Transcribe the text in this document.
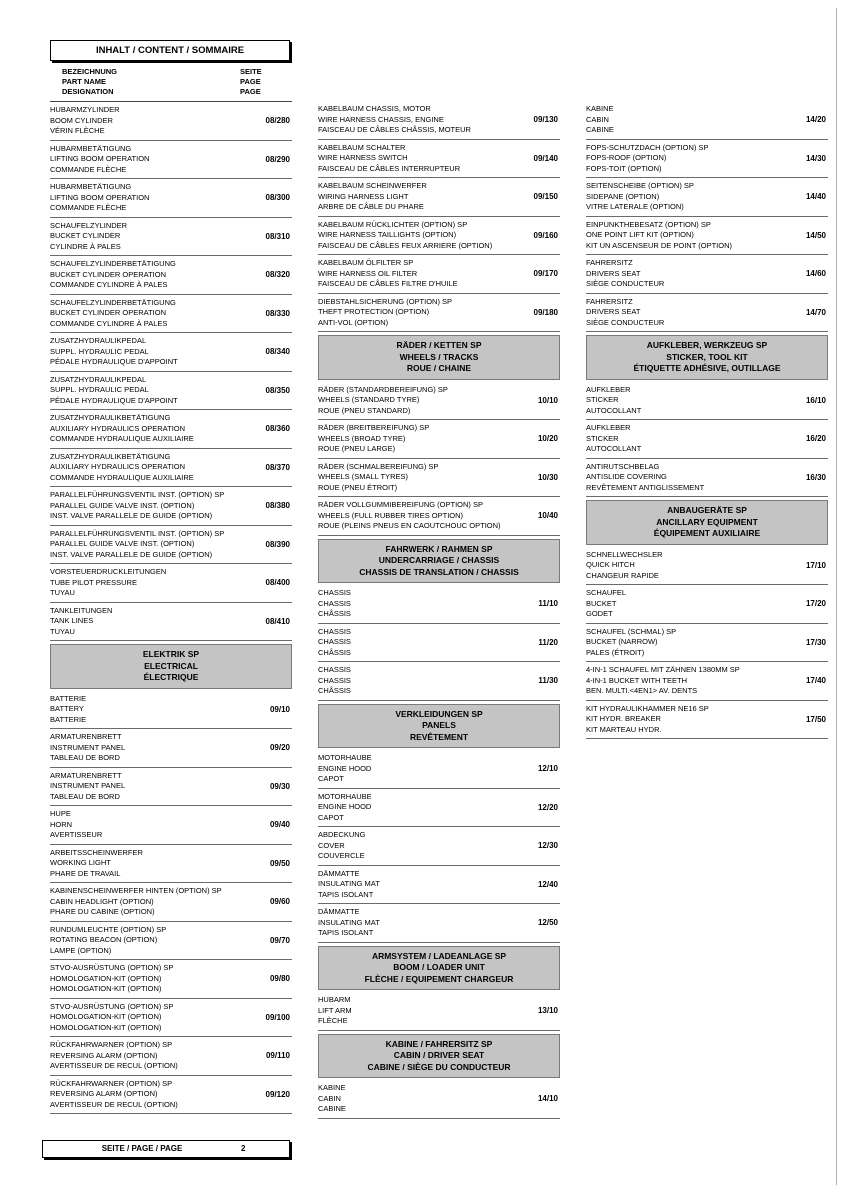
INHALT / CONTENT / SOMMAIRE
BEZEICHNUNG
PART NAME
DESIGNATION
SEITE
PAGE
PAGE
HUBARMZYLINDER
BOOM CYLINDER
VÉRIN FLÈCHE
08/280
HUBARMBETÄTIGUNG
LIFTING BOOM OPERATION
COMMANDE FLÈCHE
08/290
HUBARMBETÄTIGUNG
LIFTING BOOM OPERATION
COMMANDE FLÈCHE
08/300
SCHAUFELZYLINDER
BUCKET CYLINDER
CYLINDRE À PALES
08/310
SCHAUFELZYLINDERBETÄTIGUNG
BUCKET CYLINDER OPERATION
COMMANDE CYLINDRE À PALES
08/320
SCHAUFELZYLINDERBETÄTIGUNG
BUCKET CYLINDER OPERATION
COMMANDE CYLINDRE À PALES
08/330
ZUSATZHYDRAULIKPEDAL
SUPPL. HYDRAULIC PEDAL
PÉDALE HYDRAULIQUE D'APPOINT
08/340
ZUSATZHYDRAULIKPEDAL
SUPPL. HYDRAULIC PEDAL
PÉDALE HYDRAULIQUE D'APPOINT
08/350
ZUSATZHYDRAULIKBETÄTIGUNG
AUXILIARY HYDRAULICS OPERATION
COMMANDE HYDRAULIQUE AUXILIAIRE
08/360
ZUSATZHYDRAULIKBETÄTIGUNG
AUXILIARY HYDRAULICS OPERATION
COMMANDE HYDRAULIQUE AUXILIAIRE
08/370
PARALLELFÜHRUNGSVENTIL INST. (OPTION) SP
PARALLEL GUIDE VALVE INST. (OPTION)
INST. VALVE PARALLELE DE GUIDE (OPTION)
08/380
PARALLELFÜHRUNGSVENTIL INST. (OPTION) SP
PARALLEL GUIDE VALVE INST. (OPTION)
INST. VALVE PARALLELE DE GUIDE (OPTION)
08/390
VORSTEUERDRUCKLEITUNGEN
TUBE PILOT PRESSURE
TUYAU
08/400
TANKLEITUNGEN
TANK LINES
TUYAU
08/410
ELEKTRIK SP
ELECTRICAL
ÉLECTRIQUE
BATTERIE
BATTERY
BATTERIE
09/10
ARMATURENBRETT
INSTRUMENT PANEL
TABLEAU DE BORD
09/20
ARMATURENBRETT
INSTRUMENT PANEL
TABLEAU DE BORD
09/30
HUPE
HORN
AVERTISSEUR
09/40
ARBEITSSCHEINWERFER
WORKING LIGHT
PHARE DE TRAVAIL
09/50
KABINENSCHEINWERFER HINTEN (OPTION) SP
CABIN HEADLIGHT (OPTION)
PHARE DU CABINE (OPTION)
09/60
RUNDUMLEUCHTE (OPTION) SP
ROTATING BEACON (OPTION)
LAMPE (OPTION)
09/70
STVO-AUSRÜSTUNG (OPTION) SP
HOMOLOGATION-KIT (OPTION)
HOMOLOGATION-KIT (OPTION)
09/80
STVO-AUSRÜSTUNG (OPTION) SP
HOMOLOGATION-KIT (OPTION)
HOMOLOGATION-KIT (OPTION)
09/100
RÜCKFAHRWARNER (OPTION) SP
REVERSING ALARM (OPTION)
AVERTISSEUR DE RECUL (OPTION)
09/110
RÜCKFAHRWARNER (OPTION) SP
REVERSING ALARM (OPTION)
AVERTISSEUR DE RECUL (OPTION)
09/120
KABELBAUM CHASSIS, MOTOR
WIRE HARNESS CHASSIS, ENGINE
FAISCEAU DE CÂBLES CHÂSSIS, MOTEUR
09/130
KABELBAUM SCHALTER
WIRE HARNESS SWITCH
FAISCEAU DE CÂBLES INTERRUPTEUR
09/140
KABELBAUM SCHEINWERFER
WIRING HARNESS LIGHT
ARBRE DE CÂBLE DU PHARE
09/150
KABELBAUM RÜCKLICHTER (OPTION) SP
WIRE HARNESS TAILLIGHTS (OPTION)
FAISCEAU DE CÂBLES FEUX ARRIERE (OPTION)
09/160
KABELBAUM ÖLFILTER SP
WIRE HARNESS OIL FILTER
FAISCEAU DE CÂBLES FILTRE D'HUILE
09/170
DIEBSTAHLSICHERUNG (OPTION) SP
THEFT PROTECTION (OPTION)
ANTI-VOL (OPTION)
09/180
RÄDER / KETTEN SP
WHEELS / TRACKS
ROUE / CHAINE
RÄDER (STANDARDBEREIFUNG) SP
WHEELS (STANDARD TYRE)
ROUE (PNEU STANDARD)
10/10
RÄDER (BREITBEREIFUNG) SP
WHEELS (BROAD TYRE)
ROUE (PNEU LARGE)
10/20
RÄDER (SCHMALBEREIFUNG) SP
WHEELS (SMALL TYRES)
ROUE (PNEU ÉTROIT)
10/30
RÄDER VOLLGUMMIBEREIFUNG (OPTION) SP
WHEELS (FULL RUBBER TIRES OPTION)
ROUE (PLEINS PNEUS EN CAOUTCHOUC OPTION)
10/40
FAHRWERK / RAHMEN SP
UNDERCARRIAGE / CHASSIS
CHASSIS DE TRANSLATION / CHASSIS
CHASSIS
CHASSIS
CHÂSSIS
11/10
CHASSIS
CHASSIS
CHÂSSIS
11/20
CHASSIS
CHASSIS
CHÂSSIS
11/30
VERKLEIDUNGEN SP
PANELS
REVÊTEMENT
MOTORHAUBE
ENGINE HOOD
CAPOT
12/10
MOTORHAUBE
ENGINE HOOD
CAPOT
12/20
ABDECKUNG
COVER
COUVERCLE
12/30
DÄMMATTE
INSULATING MAT
TAPIS ISOLANT
12/40
DÄMMATTE
INSULATING MAT
TAPIS ISOLANT
12/50
ARMSYSTEM / LADEANLAGE SP
BOOM / LOADER UNIT
FLÈCHE / EQUIPEMENT CHARGEUR
HUBARM
LIFT ARM
FLÈCHE
13/10
KABINE / FAHRERSITZ SP
CABIN / DRIVER SEAT
CABINE / SIÈGE DU CONDUCTEUR
KABINE
CABIN
CABINE
14/10
KABINE
CABIN
CABINE
14/20
FOPS-SCHUTZDACH (OPTION) SP
FOPS-ROOF (OPTION)
FOPS-TOIT (OPTION)
14/30
SEITENSCHEIBE (OPTION) SP
SIDEPANE (OPTION)
VITRE LATERALE (OPTION)
14/40
EINPUNKTHEBESATZ (OPTION) SP
ONE POINT LIFT KIT (OPTION)
KIT UN ASCENSEUR DE POINT (OPTION)
14/50
FAHRERSITZ
DRIVERS SEAT
SIÈGE CONDUCTEUR
14/60
FAHRERSITZ
DRIVERS SEAT
SIÈGE CONDUCTEUR
14/70
AUFKLEBER, WERKZEUG SP
STICKER, TOOL KIT
ÉTIQUETTE ADHÉSIVE, OUTILLAGE
AUFKLEBER
STICKER
AUTOCOLLANT
16/10
AUFKLEBER
STICKER
AUTOCOLLANT
16/20
ANTIRUTSCHBELAG
ANTISLIDE COVERING
REVÊTEMENT ANTIGLISSEMENT
16/30
ANBAUGERÄTE SP
ANCILLARY EQUIPMENT
ÉQUIPEMENT AUXILIAIRE
SCHNELLWECHSLER
QUICK HITCH
CHANGEUR RAPIDE
17/10
SCHAUFEL
BUCKET
GODET
17/20
SCHAUFEL (SCHMAL) SP
BUCKET (NARROW)
PALES (ÉTROIT)
17/30
4-IN-1 SCHAUFEL MIT ZÄHNEN 1380MM SP
4-IN-1 BUCKET WITH TEETH
BEN. MULTI.<4EN1> AV. DENTS
17/40
KIT HYDRAULIKHAMMER NE16 SP
KIT HYDR. BREAKER
KIT MARTEAU HYDR.
17/50
SEITE / PAGE / PAGE	2
